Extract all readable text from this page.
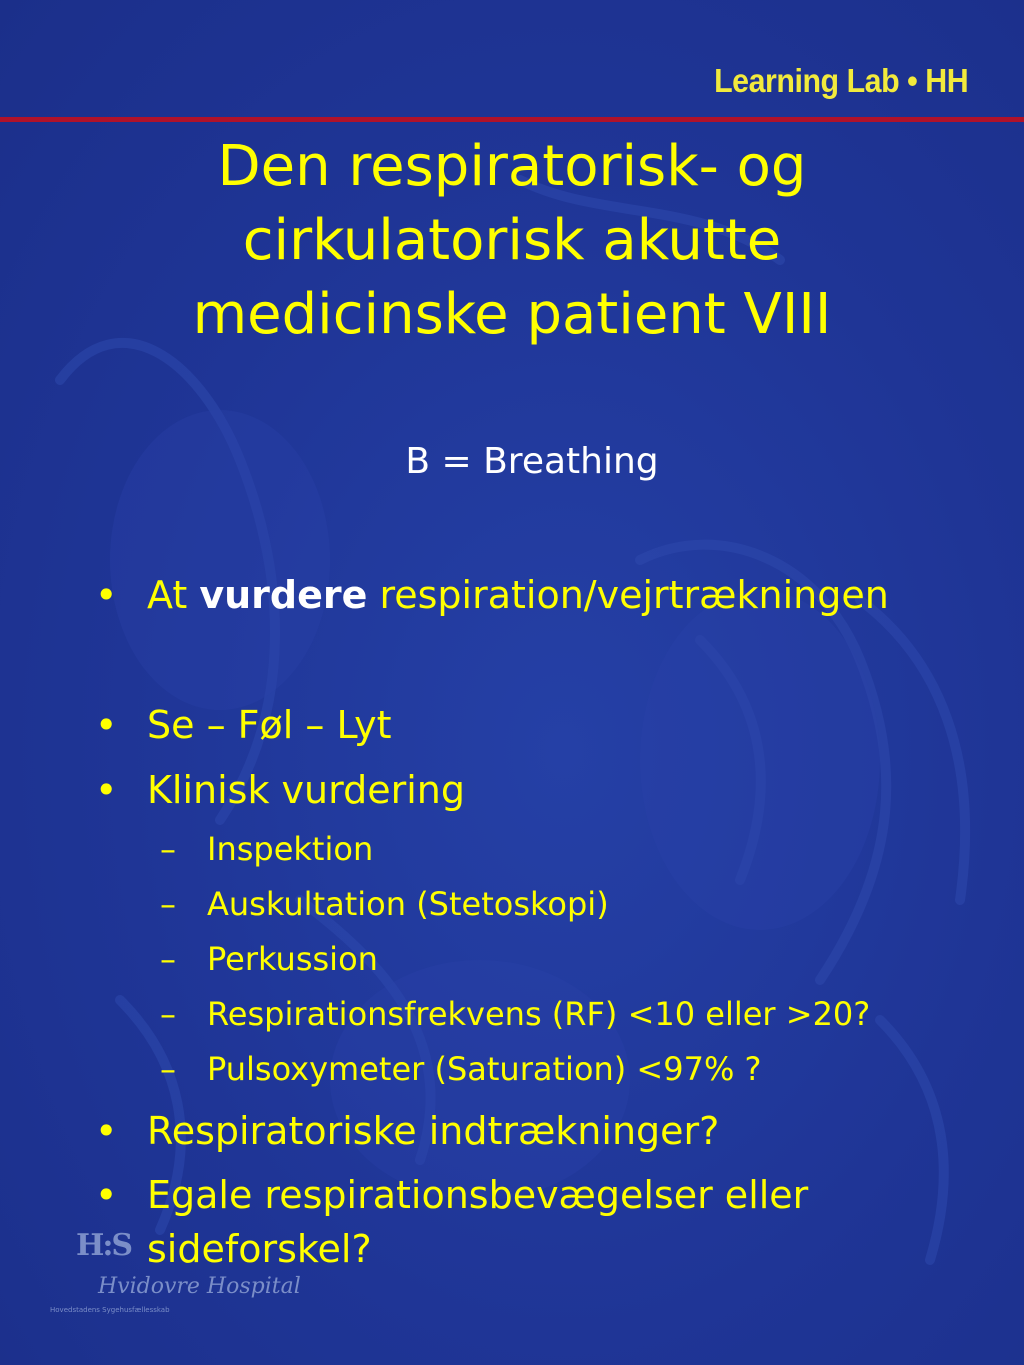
Learning Lab • HH
Den respiratorisk- og
cirkulatorisk akutte
medicinske patient VIII
B = Breathing
• At vurdere respiration/vejrtrækningen
• Se – Føl – Lyt
• Klinisk vurdering
– Inspektion
– Auskultation (Stetoskopi)
– Perkussion
– Respirationsfrekvens (RF) <10 eller >20?
– Pulsoxymeter (Saturation) <97% ?
• Respiratoriske indtrækninger?
• Egale respirationsbevægelser eller sideforskel?
H:S
Hvidovre Hospital
Hovedstadens Sygehusfællesskab
